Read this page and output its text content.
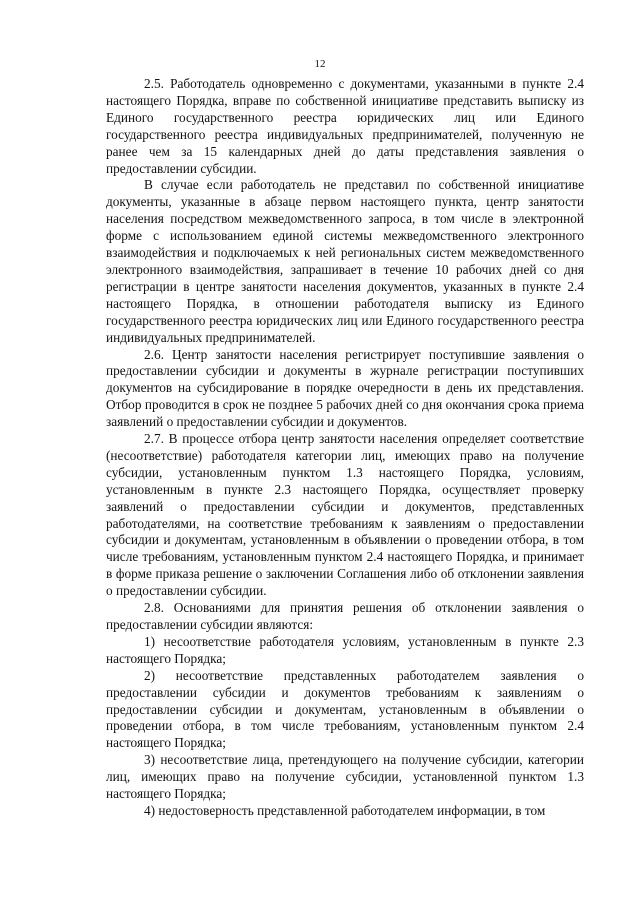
12

2.5. Работодатель одновременно с документами, указанными в пункте 2.4 настоящего Порядка, вправе по собственной инициативе представить выписку из Единого государственного реестра юридических лиц или Единого государственного реестра индивидуальных предпринимателей, полученную не ранее чем за 15 календарных дней до даты представления заявления о предоставлении субсидии.

В случае если работодатель не представил по собственной инициативе документы, указанные в абзаце первом настоящего пункта, центр занятости населения посредством межведомственного запроса, в том числе в электронной форме с использованием единой системы межведомственного электронного взаимодействия и подключаемых к ней региональных систем межведомственного электронного взаимодействия, запрашивает в течение 10 рабочих дней со дня регистрации в центре занятости населения документов, указанных в пункте 2.4 настоящего Порядка, в отношении работодателя выписку из Единого государственного реестра юридических лиц или Единого государственного реестра индивидуальных предпринимателей.

2.6. Центр занятости населения регистрирует поступившие заявления о предоставлении субсидии и документы в журнале регистрации поступивших документов на субсидирование в порядке очередности в день их представления. Отбор проводится в срок не позднее 5 рабочих дней со дня окончания срока приема заявлений о предоставлении субсидии и документов.

2.7. В процессе отбора центр занятости населения определяет соответствие (несоответствие) работодателя категории лиц, имеющих право на получение субсидии, установленным пунктом 1.3 настоящего Порядка, условиям, установленным в пункте 2.3 настоящего Порядка, осуществляет проверку заявлений о предоставлении субсидии и документов, представленных работодателями, на соответствие требованиям к заявлениям о предоставлении субсидии и документам, установленным в объявлении о проведении отбора, в том числе требованиям, установленным пунктом 2.4 настоящего Порядка, и принимает в форме приказа решение о заключении Соглашения либо об отклонении заявления о предоставлении субсидии.

2.8. Основаниями для принятия решения об отклонении заявления о предоставлении субсидии являются:

1) несоответствие работодателя условиям, установленным в пункте 2.3 настоящего Порядка;

2) несоответствие представленных работодателем заявления о предоставлении субсидии и документов требованиям к заявлениям о предоставлении субсидии и документам, установленным в объявлении о проведении отбора, в том числе требованиям, установленным пунктом 2.4 настоящего Порядка;

3) несоответствие лица, претендующего на получение субсидии, категории лиц, имеющих право на получение субсидии, установленной пунктом 1.3 настоящего Порядка;

4) недостоверность представленной работодателем информации, в том
